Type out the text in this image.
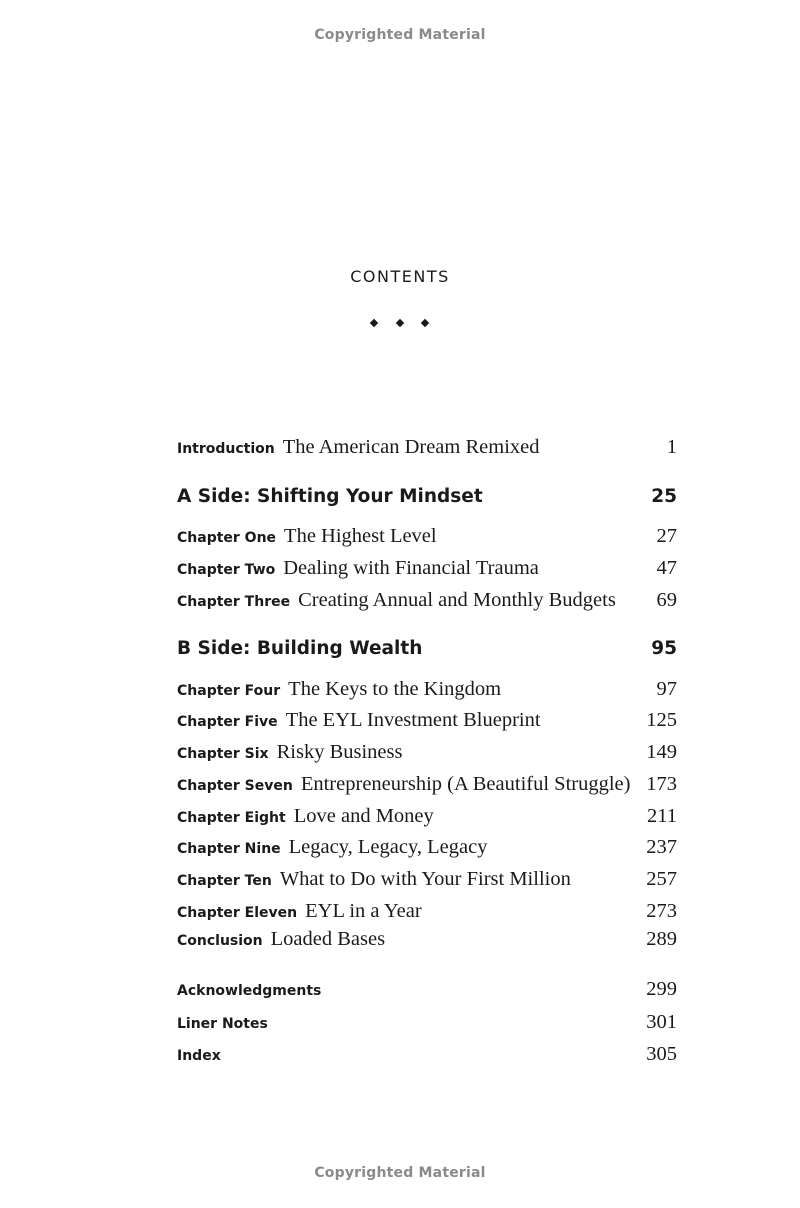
Copyrighted Material
CONTENTS
Introduction The American Dream Remixed	1
A Side: Shifting Your Mindset	25
Chapter One The Highest Level	27
Chapter Two Dealing with Financial Trauma	47
Chapter Three Creating Annual and Monthly Budgets	69
B Side: Building Wealth	95
Chapter Four The Keys to the Kingdom	97
Chapter Five The EYL Investment Blueprint	125
Chapter Six Risky Business	149
Chapter Seven Entrepreneurship (A Beautiful Struggle) 173
Chapter Eight Love and Money	211
Chapter Nine Legacy, Legacy, Legacy	237
Chapter Ten What to Do with Your First Million	257
Chapter Eleven EYL in a Year	273
Conclusion Loaded Bases	289
Acknowledgments	299
Liner Notes	301
Index	305
Copyrighted Material
